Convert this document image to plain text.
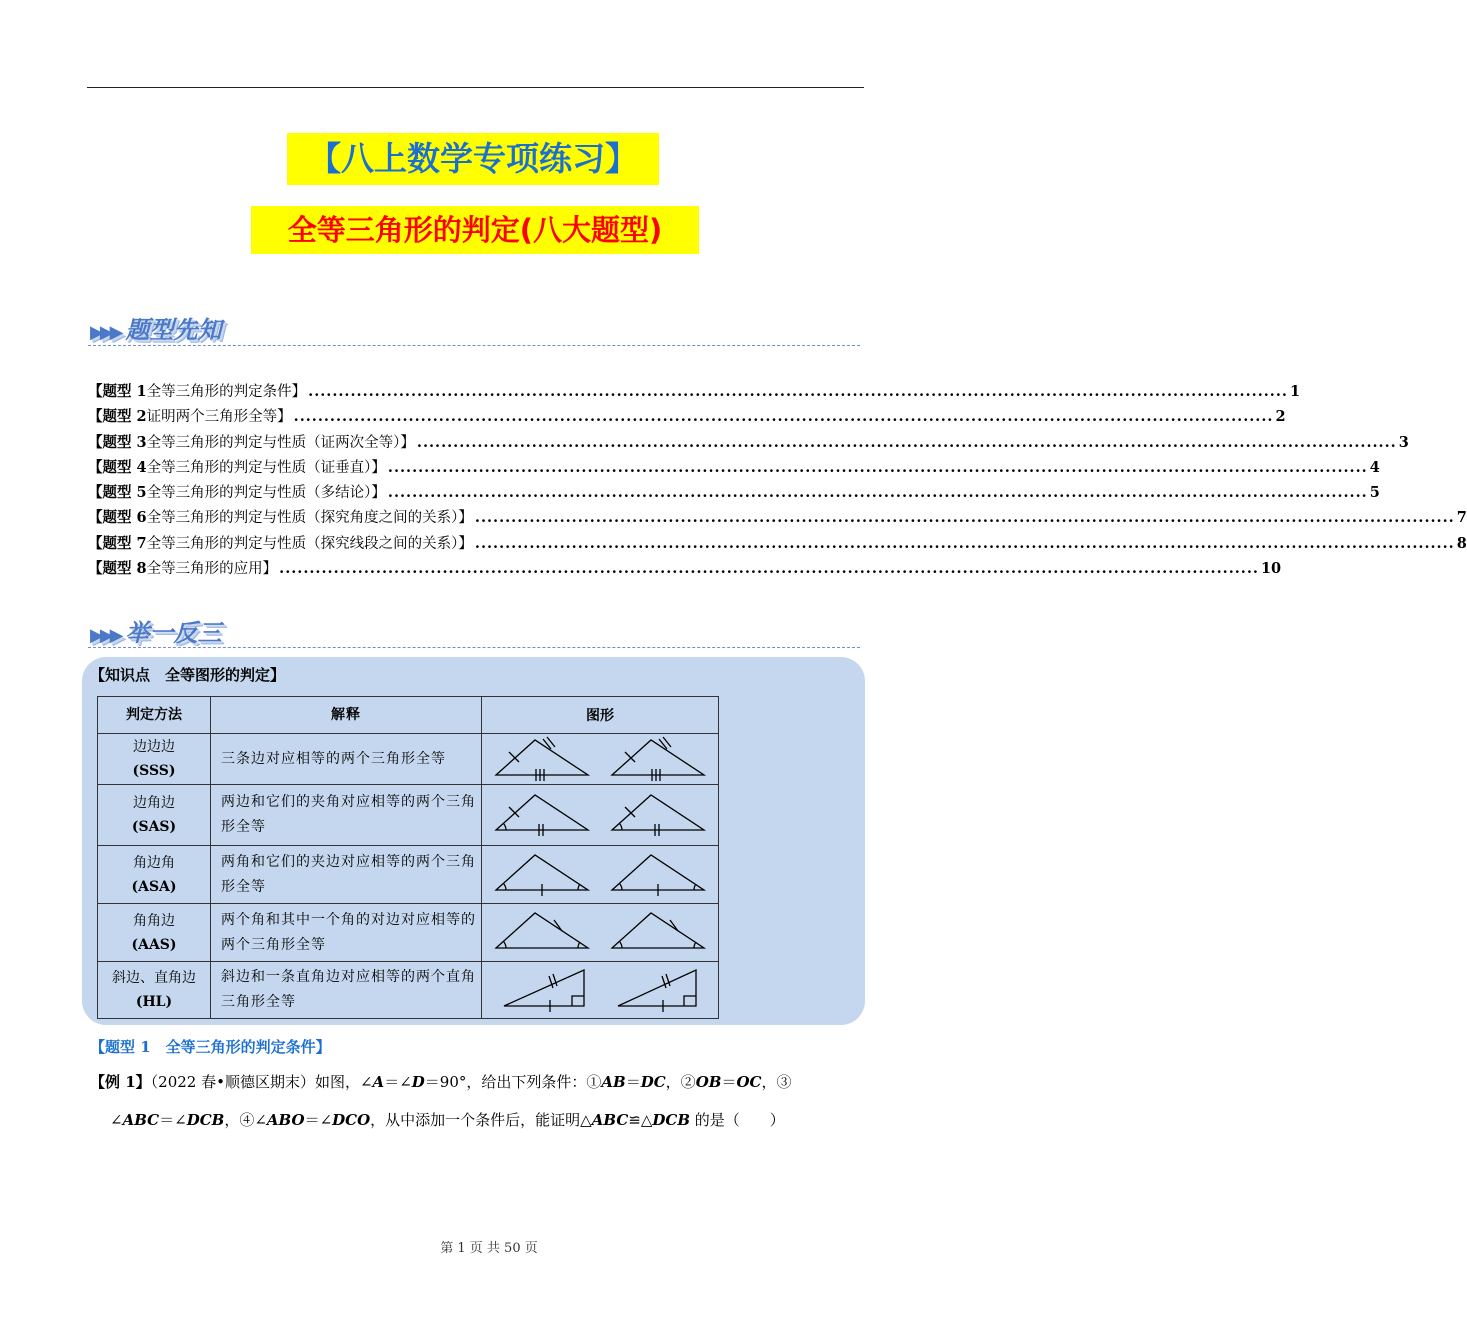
【八上数学专项练习】
全等三角形的判定(八大题型)
▶▶▶ 题型先知
【题型 1 全等三角形的判定条件】 .................................................................................................................................................................. 1
【题型 2 证明两个三角形全等】 .................................................................................................................................................................. 2
【题型 3 全等三角形的判定与性质（证两次全等）】 .................................................................................................................................................................. 3
【题型 4 全等三角形的判定与性质（证垂直）】 .................................................................................................................................................................. 4
【题型 5 全等三角形的判定与性质（多结论）】 .................................................................................................................................................................. 5
【题型 6 全等三角形的判定与性质（探究角度之间的关系）】 .................................................................................................................................................................. 7
【题型 7 全等三角形的判定与性质（探究线段之间的关系）】 .................................................................................................................................................................. 8
【题型 8 全等三角形的应用】 .................................................................................................................................................................. 10
▶▶▶ 举一反三
【知识点　全等图形的判定】
判定方法	解释	图形

边边边
(SSS)	三条边对应相等的两个三角形全等	

边角边
(SAS)	两边和它们的夹角对应相等的两个三角形全等	

角边角
(ASA)	两角和它们的夹边对应相等的两个三角形全等	

角角边
(AAS)	两个角和其中一个角的对边对应相等的两个三角形全等	

斜边、直角边
(HL)	斜边和一条直角边对应相等的两个直角三角形全等	
【题型 1　全等三角形的判定条件】
【例 1】（2022 春•顺德区期末）如图，∠A＝∠D＝90°，给出下列条件：①AB＝DC，②OB＝OC，③
∠ABC＝∠DCB，④∠ABO＝∠DCO，从中添加一个条件后，能证明△ABC≌△DCB 的是（　　）
第 1 页 共 50 页
